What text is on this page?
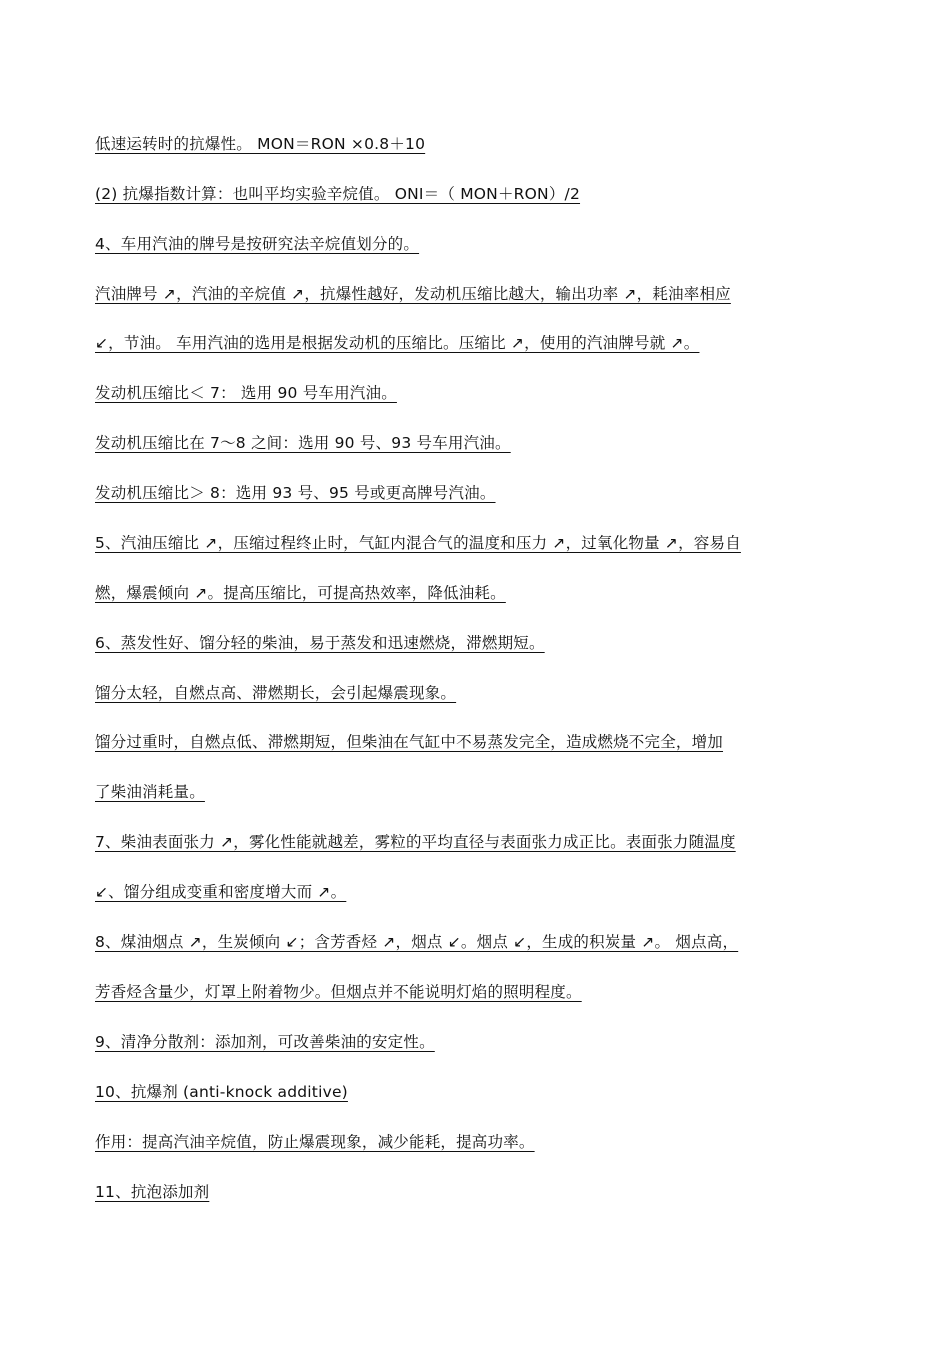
低速运转时的抗爆性。 MON＝RON ×0.8＋10
(2) 抗爆指数计算：也叫平均实验辛烷值。 ONI＝（ MON＋RON）/2
4、车用汽油的牌号是按研究法辛烷值划分的。
汽油牌号 ↗，汽油的辛烷值 ↗，抗爆性越好，发动机压缩比越大，输出功率 ↗，耗油率相应
↙，节油。 车用汽油的选用是根据发动机的压缩比。压缩比 ↗，使用的汽油牌号就 ↗。
发动机压缩比＜ 7： 选用 90 号车用汽油。
发动机压缩比在 7～8 之间：选用 90 号、93 号车用汽油。
发动机压缩比＞ 8：选用 93 号、95 号或更高牌号汽油。
5、汽油压缩比 ↗，压缩过程终止时，气缸内混合气的温度和压力 ↗，过氧化物量 ↗，容易自
燃，爆震倾向 ↗。提高压缩比，可提高热效率，降低油耗。
6、蒸发性好、馏分轻的柴油，易于蒸发和迅速燃烧，滞燃期短。
馏分太轻，自燃点高、滞燃期长，会引起爆震现象。
馏分过重时，自燃点低、滞燃期短，但柴油在气缸中不易蒸发完全，造成燃烧不完全，增加
了柴油消耗量。
7、柴油表面张力 ↗，雾化性能就越差，雾粒的平均直径与表面张力成正比。表面张力随温度
↙、馏分组成变重和密度增大而 ↗。
8、煤油烟点 ↗，生炭倾向 ↙；含芳香烃 ↗，烟点 ↙。烟点 ↙，生成的积炭量 ↗。 烟点高，
芳香烃含量少，灯罩上附着物少。但烟点并不能说明灯焰的照明程度。
9、清净分散剂：添加剂，可改善柴油的安定性。
10、抗爆剂 (anti-knock additive)
作用：提高汽油辛烷值，防止爆震现象，减少能耗，提高功率。
11、抗泡添加剂
